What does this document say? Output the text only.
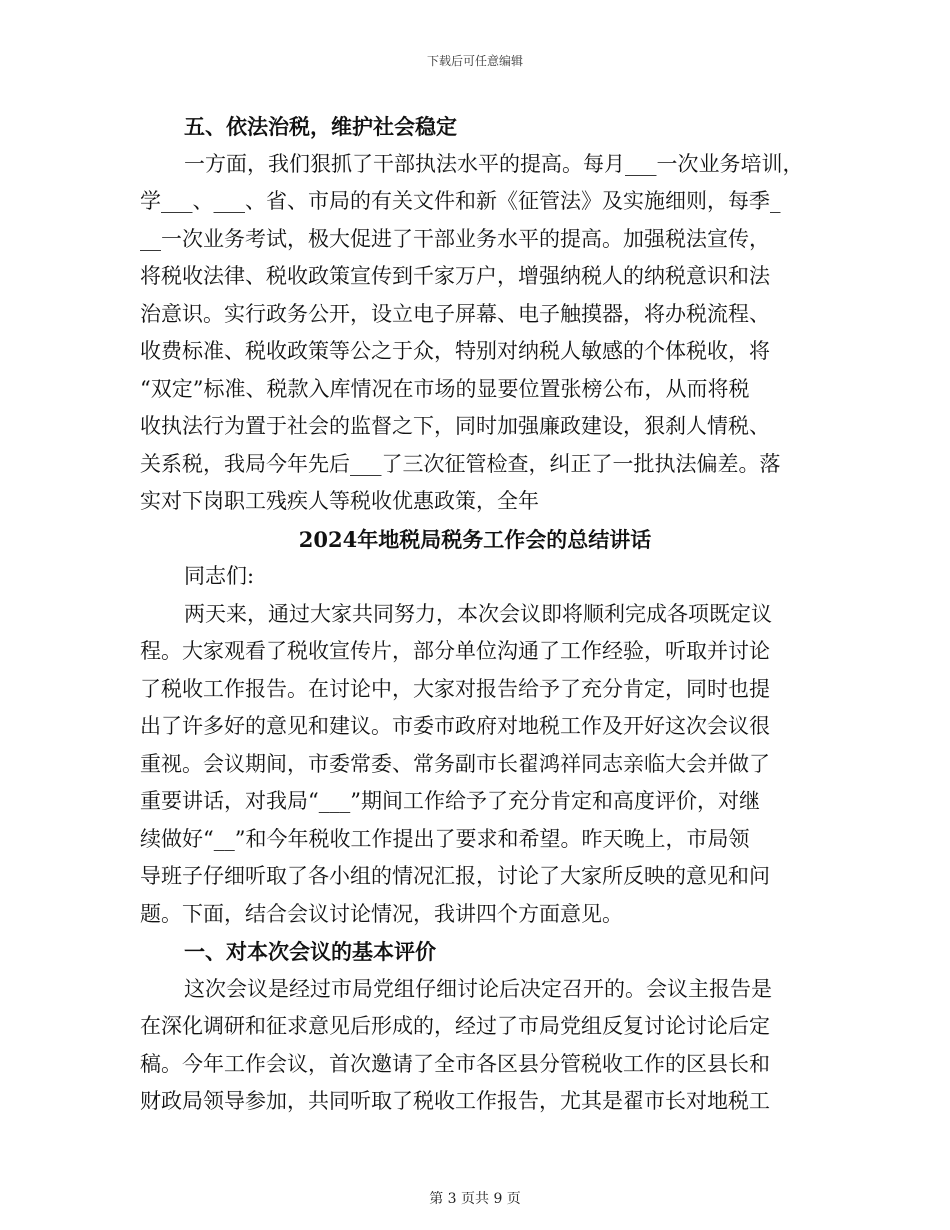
下载后可任意编辑
五、依法治税，维护社会稳定
一方面，我们狠抓了干部执法水平的提高。每月___一次业务培训，
学___、___、省、市局的有关文件和新《征管法》及实施细则，每季_
__一次业务考试，极大促进了干部业务水平的提高。加强税法宣传，
将税收法律、税收政策宣传到千家万户，增强纳税人的纳税意识和法
治意识。实行政务公开，设立电子屏幕、电子触摸器，将办税流程、
收费标准、税收政策等公之于众，特别对纳税人敏感的个体税收，将
“双定”标准、税款入库情况在市场的显要位置张榜公布，从而将税
收执法行为置于社会的监督之下，同时加强廉政建设，狠刹人情税、
关系税，我局今年先后___了三次征管检查，纠正了一批执法偏差。落
实对下岗职工残疾人等税收优惠政策，全年
2024年地税局税务工作会的总结讲话
同志们:
两天来，通过大家共同努力，本次会议即将顺利完成各项既定议
程。大家观看了税收宣传片，部分单位沟通了工作经验，听取并讨论
了税收工作报告。在讨论中，大家对报告给予了充分肯定，同时也提
出了许多好的意见和建议。市委市政府对地税工作及开好这次会议很
重视。会议期间，市委常委、常务副市长翟鸿祥同志亲临大会并做了
重要讲话，对我局“___”期间工作给予了充分肯定和高度评价，对继
续做好“__”和今年税收工作提出了要求和希望。昨天晚上，市局领
导班子仔细听取了各小组的情况汇报，讨论了大家所反映的意见和问
题。下面，结合会议讨论情况，我讲四个方面意见。
一、对本次会议的基本评价
这次会议是经过市局党组仔细讨论后决定召开的。会议主报告是
在深化调研和征求意见后形成的，经过了市局党组反复讨论讨论后定
稿。今年工作会议，首次邀请了全市各区县分管税收工作的区县长和
财政局领导参加，共同听取了税收工作报告，尤其是翟市长对地税工
第 3 页共 9 页
